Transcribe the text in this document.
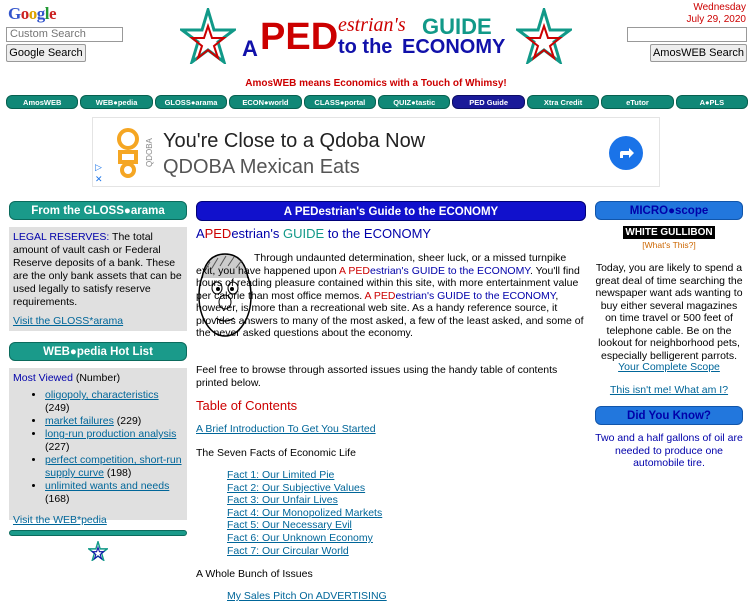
Google
Custom Search
Google Search	A PED estrian's GUIDE
to the ECONOMY
Wednesday
July 29, 2020
AmosWEB Search
AmosWEB means Economics with a Touch of Whimsy!
AmosWEB	WEB●pedia	GLOSS●arama	ECON●world	CLASS●portal	QUIZ●tastic	PED Guide	Xtra Credit	eTutor	A●PLS
QDOBA
▷
✕
You're Close to a Qdoba Now
QDOBA Mexican Eats
From the GLOSS●arama
LEGAL RESERVES: The total amount of vault cash or Federal Reserve deposits of a bank. These are the only bank assets that can be used legally to satisfy reserve requirements.
Visit the GLOSS*arama
WEB●pedia Hot List
Most Viewed (Number)
• oligopoly, characteristics (249)
• market failures (229)
• long-run production analysis (227)
• perfect competition, short-run supply curve (198)
• unlimited wants and needs (168)
Visit the WEB*pedia
A PEDestrian's Guide to the ECONOMY
A PEDestrian's GUIDE to the ECONOMY
Through undaunted determination, sheer luck, or a missed turnpike exit, you have happened upon A PEDestrian's GUIDE to the ECONOMY. You'll find hours of reading pleasure contained within this site, with more entertainment value per calorie than most office memos. A PEDestrian's GUIDE to the ECONOMY, however, is more than a recreational web site. As a handy reference source, it provides answers to many of the most asked, a few of the least asked, and some of the never asked questions about the economy.
Feel free to browse through assorted issues using the handy table of contents printed below.
Table of Contents
A Brief Introduction To Get You Started
The Seven Facts of Economic Life
Fact 1: Our Limited Pie
Fact 2: Our Subjective Values
Fact 3: Our Unfair Lives
Fact 4: Our Monopolized Markets
Fact 5: Our Necessary Evil
Fact 6: Our Unknown Economy
Fact 7: Our Circular World
A Whole Bunch of Issues
My Sales Pitch On ADVERTISING
MICRO●scope
WHITE GULLIBON
[What's This?]
Today, you are likely to spend a great deal of time searching the newspaper want ads wanting to buy either several magazines on time travel or 500 feet of telephone cable. Be on the lookout for neighborhood pets, especially belligerent parrots.
Your Complete Scope
This isn't me! What am I?
Did You Know?
Two and a half gallons of oil are needed to produce one automobile tire.
